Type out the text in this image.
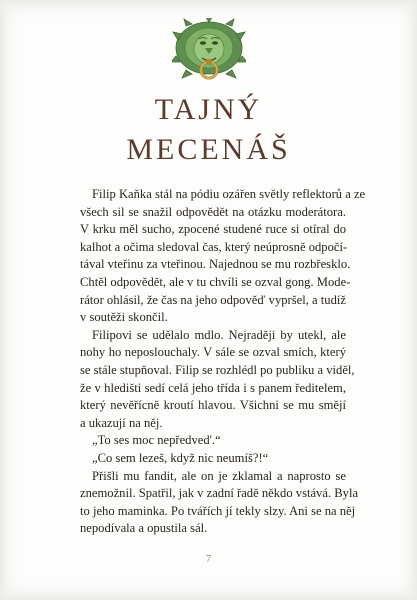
TAJNÝ
MECENÁŠ
Filip Kaňka stál na pódiu ozářen světly reflektorů a ze
všech sil se snažil odpovědět na otázku moderátora.
V krku měl sucho, zpocené studené ruce si otíral do
kalhot a očima sledoval čas, který neúprosně odpočí-
tával vteřinu za vteřinou. Najednou se mu rozbřesklo.
Chtěl odpovědět, ale v tu chvíli se ozval gong. Mode-
rátor ohlásil, že čas na jeho odpověď vypršel, a tudíž
v soutěži skončil.
Filipovi se udělalo mdlo. Nejraději by utekl, ale
nohy ho neposlouchaly. V sále se ozval smích, který
se stále stupňoval. Filip se rozhlédl po publiku a viděl,
že v hledišti sedí celá jeho třída i s panem ředitelem,
který nevěřícně kroutí hlavou. Všichni se mu smějí
a ukazují na něj.
„To ses moc nepředved'.“
„Co sem lezeš, když nic neumíš?!“
Přišli mu fandit, ale on je zklamal a naprosto se
znemožnil. Spatřil, jak v zadní řadě někdo vstává. Byla
to jeho maminka. Po tvářích jí tekly slzy. Ani se na něj
nepodívala a opustila sál.
7
